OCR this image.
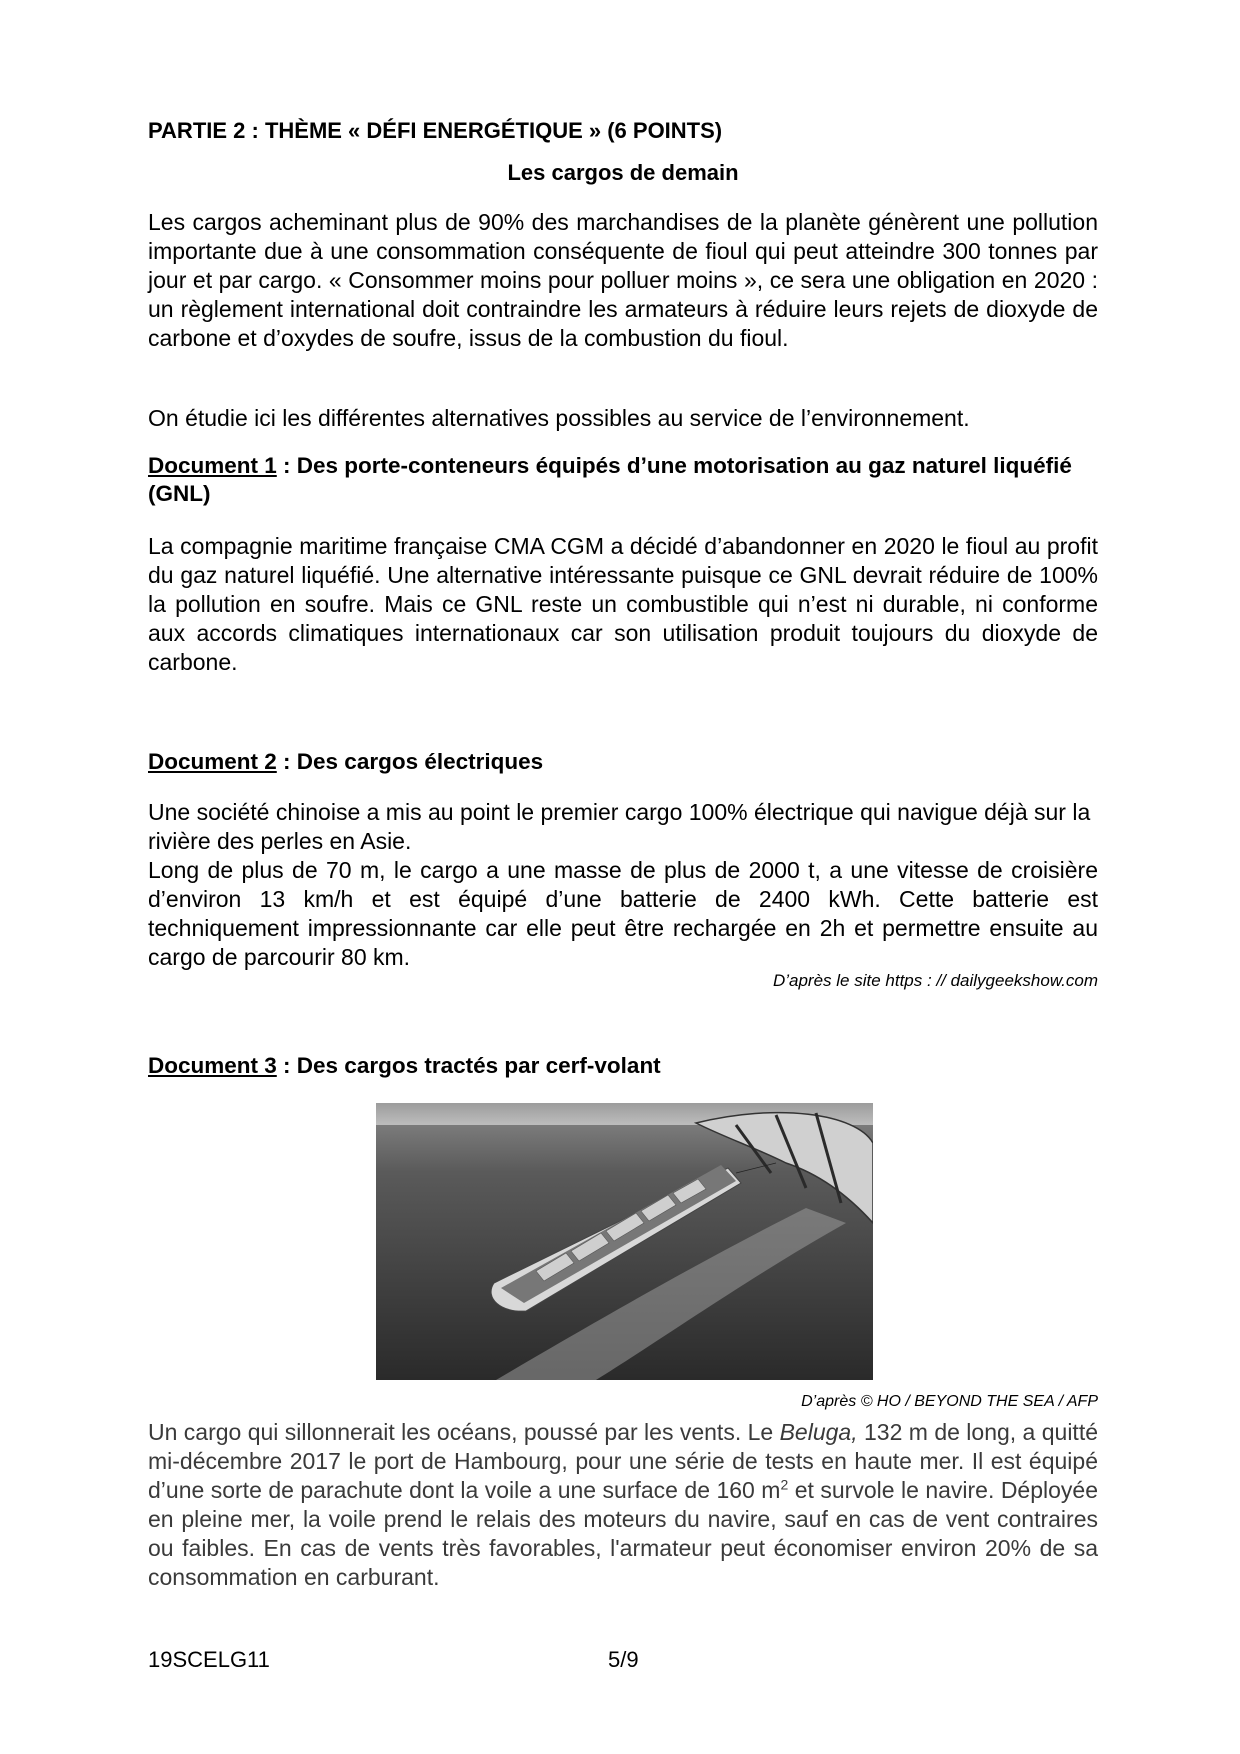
PARTIE 2 : THÈME « DÉFI ENERGÉTIQUE » (6 POINTS)
Les cargos de demain

Les cargos acheminant plus de 90% des marchandises de la planète génèrent une pollution importante due à une consommation conséquente de fioul qui peut atteindre 300 tonnes par jour et par cargo. « Consommer moins pour polluer moins », ce sera une obligation en 2020 : un règlement international doit contraindre les armateurs à réduire leurs rejets de dioxyde de carbone et d’oxydes de soufre, issus de la combustion du fioul.

On étudie ici les différentes alternatives possibles au service de l’environnement.

Document 1 : Des porte-conteneurs équipés d’une motorisation au gaz naturel liquéfié (GNL)

La compagnie maritime française CMA CGM a décidé d’abandonner en 2020 le fioul au profit du gaz naturel liquéfié. Une alternative intéressante puisque ce GNL devrait réduire de 100% la pollution en soufre. Mais ce GNL reste un combustible qui n’est ni durable, ni conforme aux accords climatiques internationaux car son utilisation produit toujours du dioxyde de carbone.

Document 2 : Des cargos électriques

Une société chinoise a mis au point le premier cargo 100% électrique qui navigue déjà sur la rivière des perles en Asie.

Long de plus de 70 m, le cargo a une masse de plus de 2000 t, a une vitesse de croisière d’environ 13 km/h et est équipé d’une batterie de 2400 kWh. Cette batterie est techniquement impressionnante car elle peut être rechargée en 2h et permettre ensuite au cargo de parcourir 80 km.

D’après le site https : // dailygeekshow.com
Document 3 : Des cargos tractés par cerf-volant
D’après © HO / BEYOND THE SEA / AFP

Un cargo qui sillonnerait les océans, poussé par les vents. Le Beluga, 132 m de long, a quitté mi-décembre 2017 le port de Hambourg, pour une série de tests en haute mer. Il est équipé d’une sorte de parachute dont la voile a une surface de 160 $m^2$ et survole le navire. Déployée en pleine mer, la voile prend le relais des moteurs du navire, sauf en cas de vent contraires ou faibles. En cas de vents très favorables, l'armateur peut économiser environ 20% de sa consommation en carburant.

19SCELG11	5/9
